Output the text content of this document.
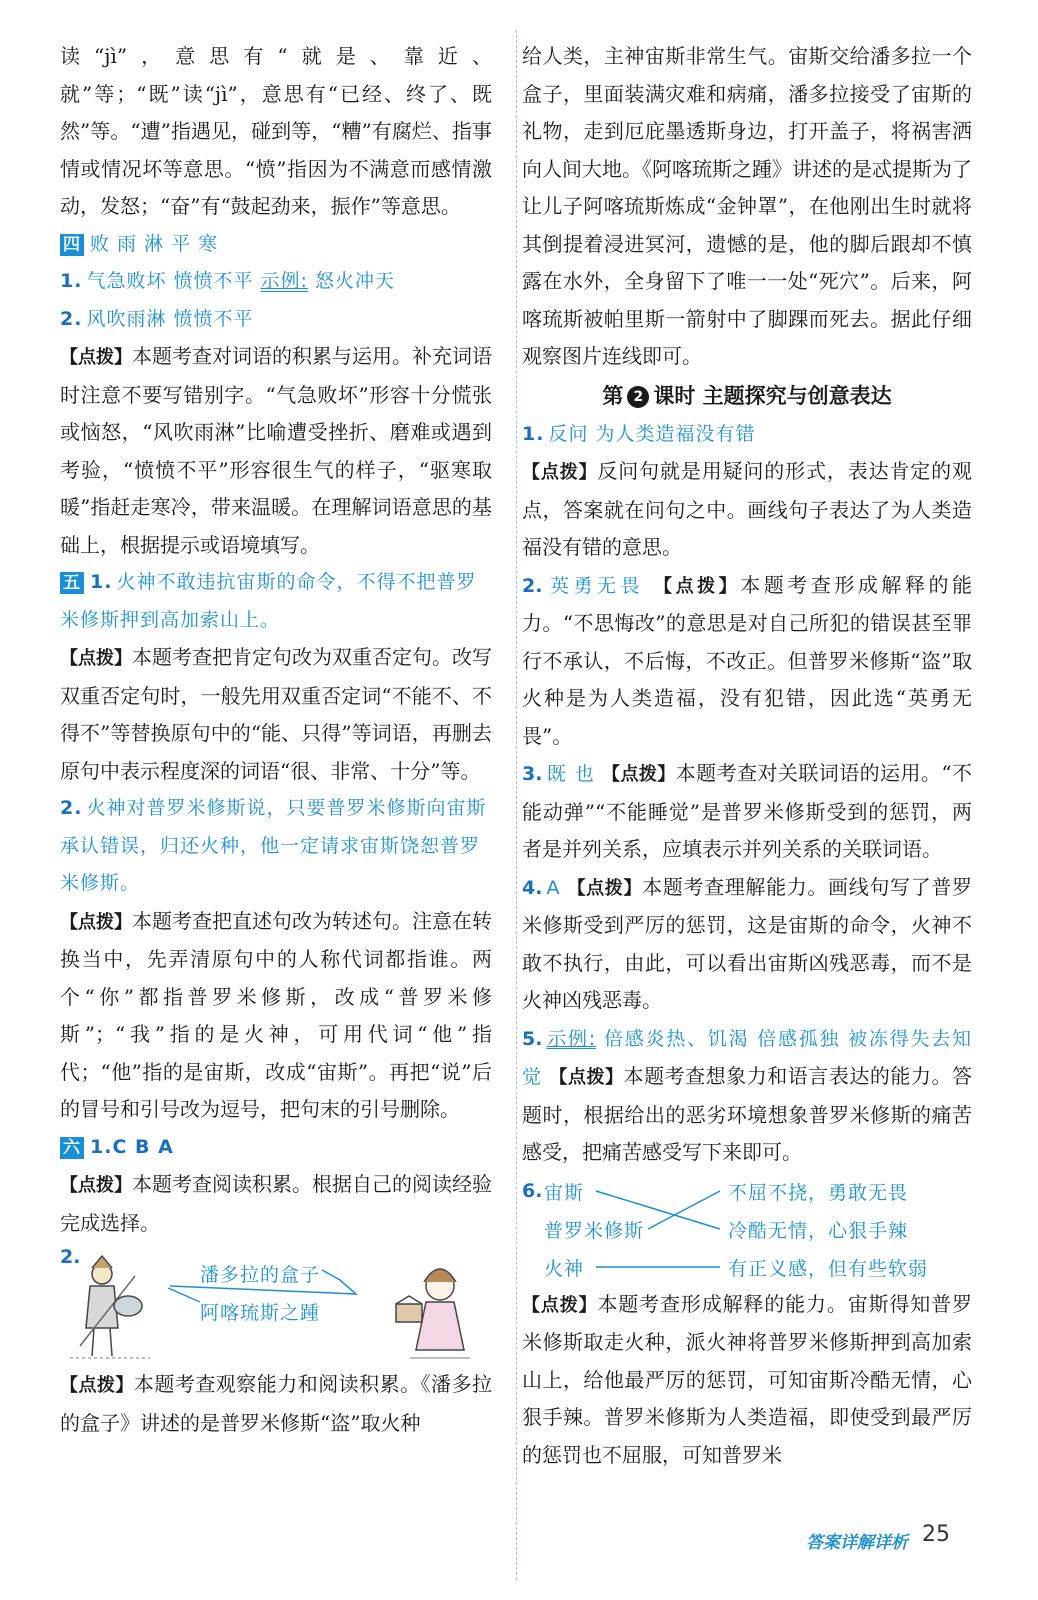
读“jì”，意思有“就是、靠近、就”等；“既”读“jì”，意思有“已经、终了、既然”等。“遭”指遇见，碰到等，“糟”有腐烂、指事情或情况坏等意思。“愤”指因为不满意而感情激动，发怒；“奋”有“鼓起劲来，振作”等意思。

四 败 雨 淋 平 寒

1. 气急败坏 愤愤不平 示例: 怒火冲天

2. 风吹雨淋 愤愤不平

【点拨】本题考查对词语的积累与运用。补充词语时注意不要写错别字。“气急败坏”形容十分慌张或恼怒，“风吹雨淋”比喻遭受挫折、磨难或遇到考验，“愤愤不平”形容很生气的样子，“驱寒取暖”指赶走寒冷，带来温暖。在理解词语意思的基础上，根据提示或语境填写。

五 1. 火神不敢违抗宙斯的命令，不得不把普罗米修斯押到高加索山上。

【点拨】本题考查把肯定句改为双重否定句。改写双重否定句时，一般先用双重否定词“不能不、不得不”等替换原句中的“能、只得”等词语，再删去原句中表示程度深的词语“很、非常、十分”等。

2. 火神对普罗米修斯说，只要普罗米修斯向宙斯承认错误，归还火种，他一定请求宙斯饶恕普罗米修斯。

【点拨】本题考查把直述句改为转述句。注意在转换当中，先弄清原句中的人称代词都指谁。两个“你”都指普罗米修斯，改成“普罗米修斯”；“我”指的是火神，可用代词“他”指代；“他”指的是宙斯，改成“宙斯”。再把“说”后的冒号和引号改为逗号，把句末的引号删除。

六 1.C B A

【点拨】本题考查阅读积累。根据自己的阅读经验完成选择。

2.
潘多拉的盒子
阿喀琉斯之踵

【点拨】本题考查观察能力和阅读积累。《潘多拉的盒子》讲述的是普罗米修斯“盗”取火种

给人类，主神宙斯非常生气。宙斯交给潘多拉一个盒子，里面装满灾难和病痛，潘多拉接受了宙斯的礼物，走到厄庇墨透斯身边，打开盖子，将祸害洒向人间大地。《阿喀琉斯之踵》讲述的是忒提斯为了让儿子阿喀琉斯炼成“金钟罩”，在他刚出生时就将其倒提着浸进冥河，遗憾的是，他的脚后跟却不慎露在水外，全身留下了唯一一处“死穴”。后来，阿喀琉斯被帕里斯一箭射中了脚踝而死去。据此仔细观察图片连线即可。

第 2 课时 主题探究与创意表达

1. 反问 为人类造福没有错

【点拨】反问句就是用疑问的形式，表达肯定的观点，答案就在问句之中。画线句子表达了为人类造福没有错的意思。

2. 英勇无畏 【点拨】本题考查形成解释的能力。“不思悔改”的意思是对自己所犯的错误甚至罪行不承认，不后悔，不改正。但普罗米修斯“盗”取火种是为人类造福，没有犯错，因此选“英勇无畏”。

3. 既 也 【点拨】本题考查对关联词语的运用。“不能动弹”“不能睡觉”是普罗米修斯受到的惩罚，两者是并列关系，应填表示并列关系的关联词语。

4. A 【点拨】本题考查理解能力。画线句写了普罗米修斯受到严厉的惩罚，这是宙斯的命令，火神不敢不执行，由此，可以看出宙斯凶残恶毒，而不是火神凶残恶毒。

5. 示例: 倍感炎热、饥渴 倍感孤独 被冻得失去知觉 【点拨】本题考查想象力和语言表达的能力。答题时，根据给出的恶劣环境想象普罗米修斯的痛苦感受，把痛苦感受写下来即可。

6. 宙斯
普罗米修斯
火神
不屈不挠，勇敢无畏
冷酷无情，心狠手辣
有正义感，但有些软弱

【点拨】本题考查形成解释的能力。宙斯得知普罗米修斯取走火种，派火神将普罗米修斯押到高加索山上，给他最严厉的惩罚，可知宙斯冷酷无情，心狠手辣。普罗米修斯为人类造福，即使受到最严厉的惩罚也不屈服，可知普罗米

答案详解详析 25
